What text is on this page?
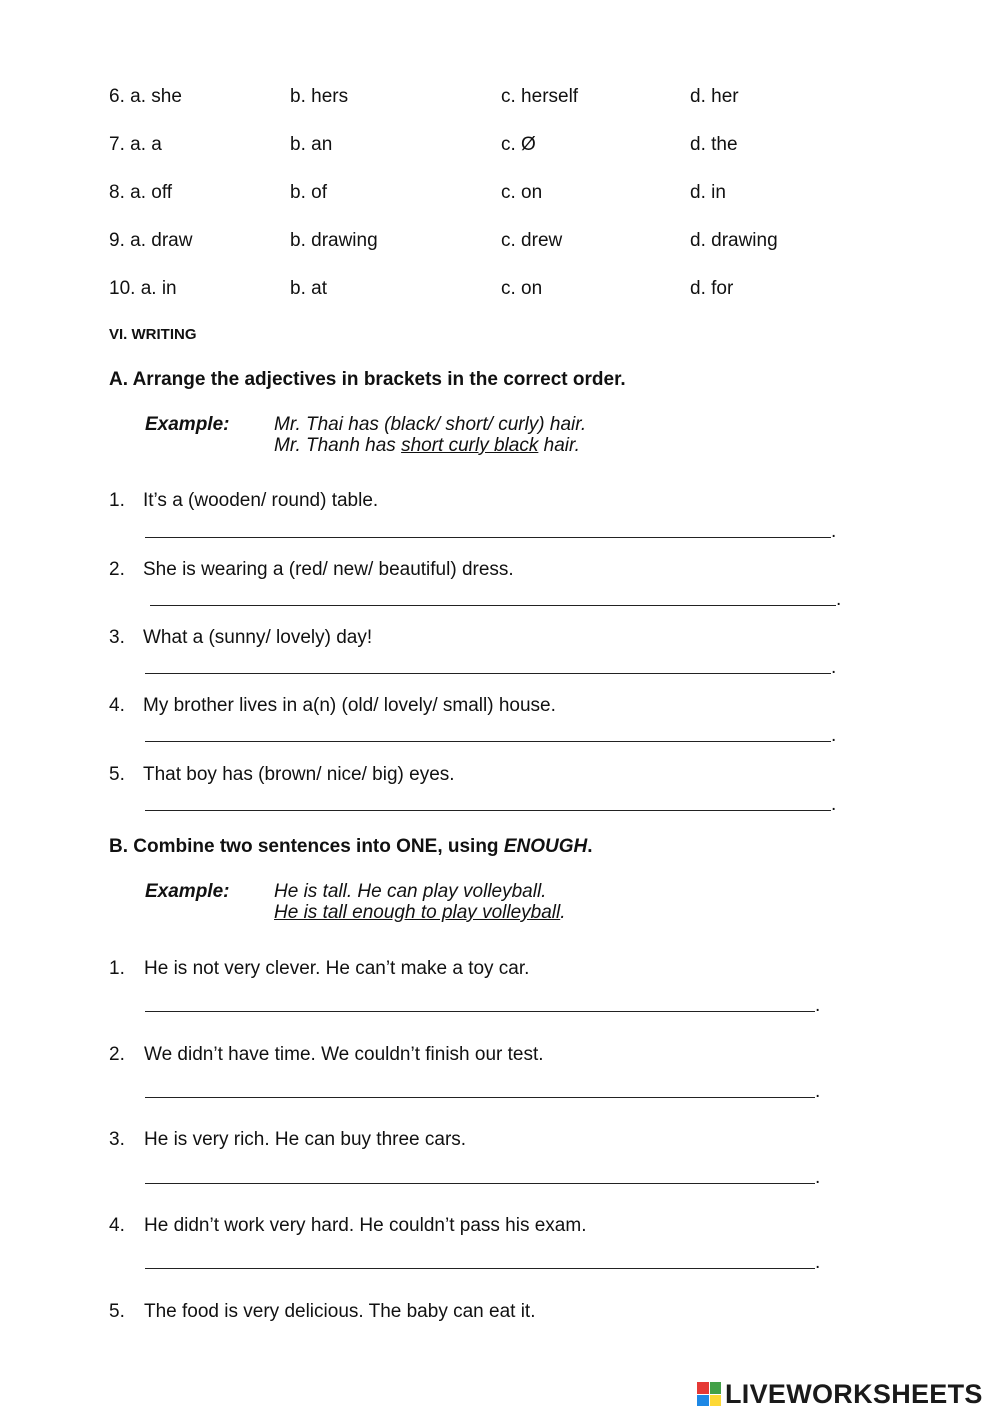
6. a. she	b. hers	c. herself	d. her
7. a. a	b. an	c. Ø	d. the
8. a. off	b. of	c. on	d. in
9. a. draw	b. drawing	c. drew	d. drawing
10. a. in	b. at	c. on	d. for
VI. WRITING
A. Arrange the adjectives in brackets in the correct order.
Example: Mr. Thai has (black/ short/ curly) hair.
Mr. Thanh has short curly black hair.
1. It’s a (wooden/ round) table.
.
2. She is wearing a (red/ new/ beautiful) dress.
.
3. What a (sunny/ lovely) day!
.
4. My brother lives in a(n) (old/ lovely/ small) house.
.
5. That boy has (brown/ nice/ big) eyes.
.
B. Combine two sentences into ONE, using ENOUGH.
Example: He is tall. He can play volleyball.
He is tall enough to play volleyball.
1. He is not very clever. He can’t make a toy car.
.
2. We didn’t have time. We couldn’t finish our test.
.
3. He is very rich. He can buy three cars.
.
4. He didn’t work very hard. He couldn’t pass his exam.
.
5. The food is very delicious. The baby can eat it.
LIVEWORKSHEETS
